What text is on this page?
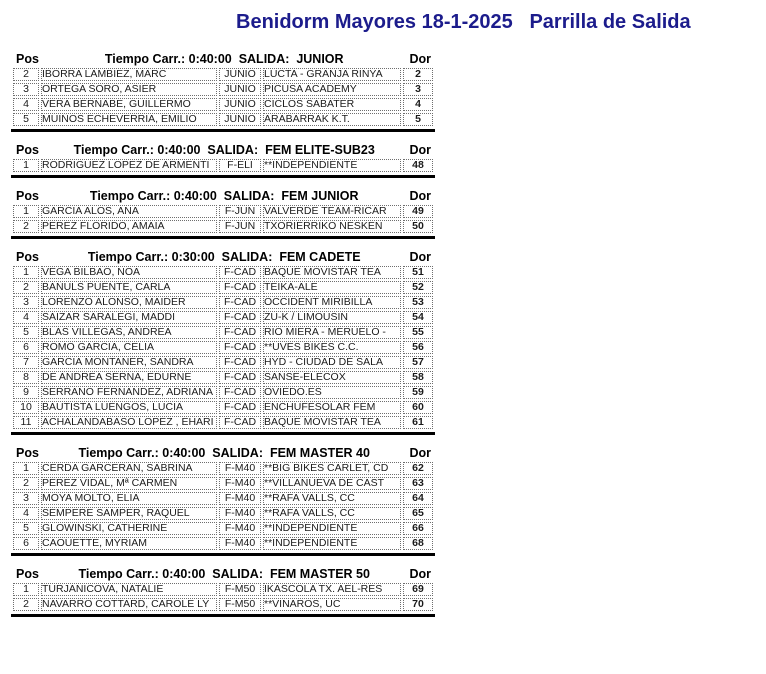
Benidorm Mayores 18-1-2025   Parrilla de Salida
Pos	Tiempo Carr.: 0:40:00  SALIDA:  JUNIOR	Dor
2	IBORRA LAMBIEZ, MARC	JUNIO	LUCTA - GRANJA RINYA	2
3	ORTEGA SORO, ASIER	JUNIO	PICUSA ACADEMY	3
4	VERA BERNABE, GUILLERMO	JUNIO	CICLOS SABATER	4
5	MUIÑOS ECHEVERRIA, EMILIO	JUNIO	ARABARRAK K.T.	5
Pos	Tiempo Carr.: 0:40:00  SALIDA:  FEM ELITE-SUB23	Dor
1	RODRIGUEZ LOPEZ DE ARMENTI	F-ELI	**INDEPENDIENTE	48
Pos	Tiempo Carr.: 0:40:00  SALIDA:  FEM JUNIOR	Dor
1	GARCIA ALOS, ANA	F-JUN	VALVERDE TEAM-RICAR	49
2	PEREZ FLORIDO, AMAIA	F-JUN	TXORIERRIKO NESKEN	50
Pos	Tiempo Carr.: 0:30:00  SALIDA:  FEM CADETE	Dor
1	VEGA BILBAO, NOA	F-CAD	BAQUE MOVISTAR TEA	51
2	BAÑULS PUENTE, CARLA	F-CAD	TEIKA-ALE	52
3	LORENZO ALONSO, MAIDER	F-CAD	OCCIDENT MIRIBILLA	53
4	SAIZAR SARALEGI, MADDI	F-CAD	ZU-K / LIMOUSIN	54
5	BLAS VILLEGAS, ANDREA	F-CAD	RIO MIERA - MERUELO -	55
6	ROMO GARCIA, CELIA	F-CAD	**UVES BIKES C.C.	56
7	GARCIA MONTANER, SANDRA	F-CAD	HYD - CIUDAD DE SALA	57
8	DE ANDREA SERNA, EDURNE	F-CAD	SANSE-ELECOX	58
9	SERRANO FERNANDEZ, ADRIANA	F-CAD	OVIEDO.ES	59
10	BAUTISTA LUENGOS, LUCIA	F-CAD	ENCHUFESOLAR FEM	60
11	ACHALANDABASO LOPEZ , EHARI	F-CAD	BAQUE MOVISTAR TEA	61
Pos	Tiempo Carr.: 0:40:00  SALIDA:  FEM MASTER 40	Dor
1	CERDA GARCERAN, SABRINA	F-M40	**BIG BIKES CARLET, CD	62
2	PEREZ VIDAL, Mª CARMEN	F-M40	**VILLANUEVA DE CAST	63
3	MOYA MOLTO, ELIA	F-M40	**RAFA VALLS, CC	64
4	SEMPERE SAMPER, RAQUEL	F-M40	**RAFA VALLS, CC	65
5	GLOWINSKI, CATHERINE	F-M40	**INDEPENDIENTE	66
6	CAOUETTE, MYRIAM	F-M40	**INDEPENDIENTE	68
Pos	Tiempo Carr.: 0:40:00  SALIDA:  FEM MASTER 50	Dor
1	TURJANICOVA, NATALIE	F-M50	IKASCOLA TX. AEL-RES	69
2	NAVARRO COTTARD, CAROLE LY	F-M50	**VINAROS, UC	70
